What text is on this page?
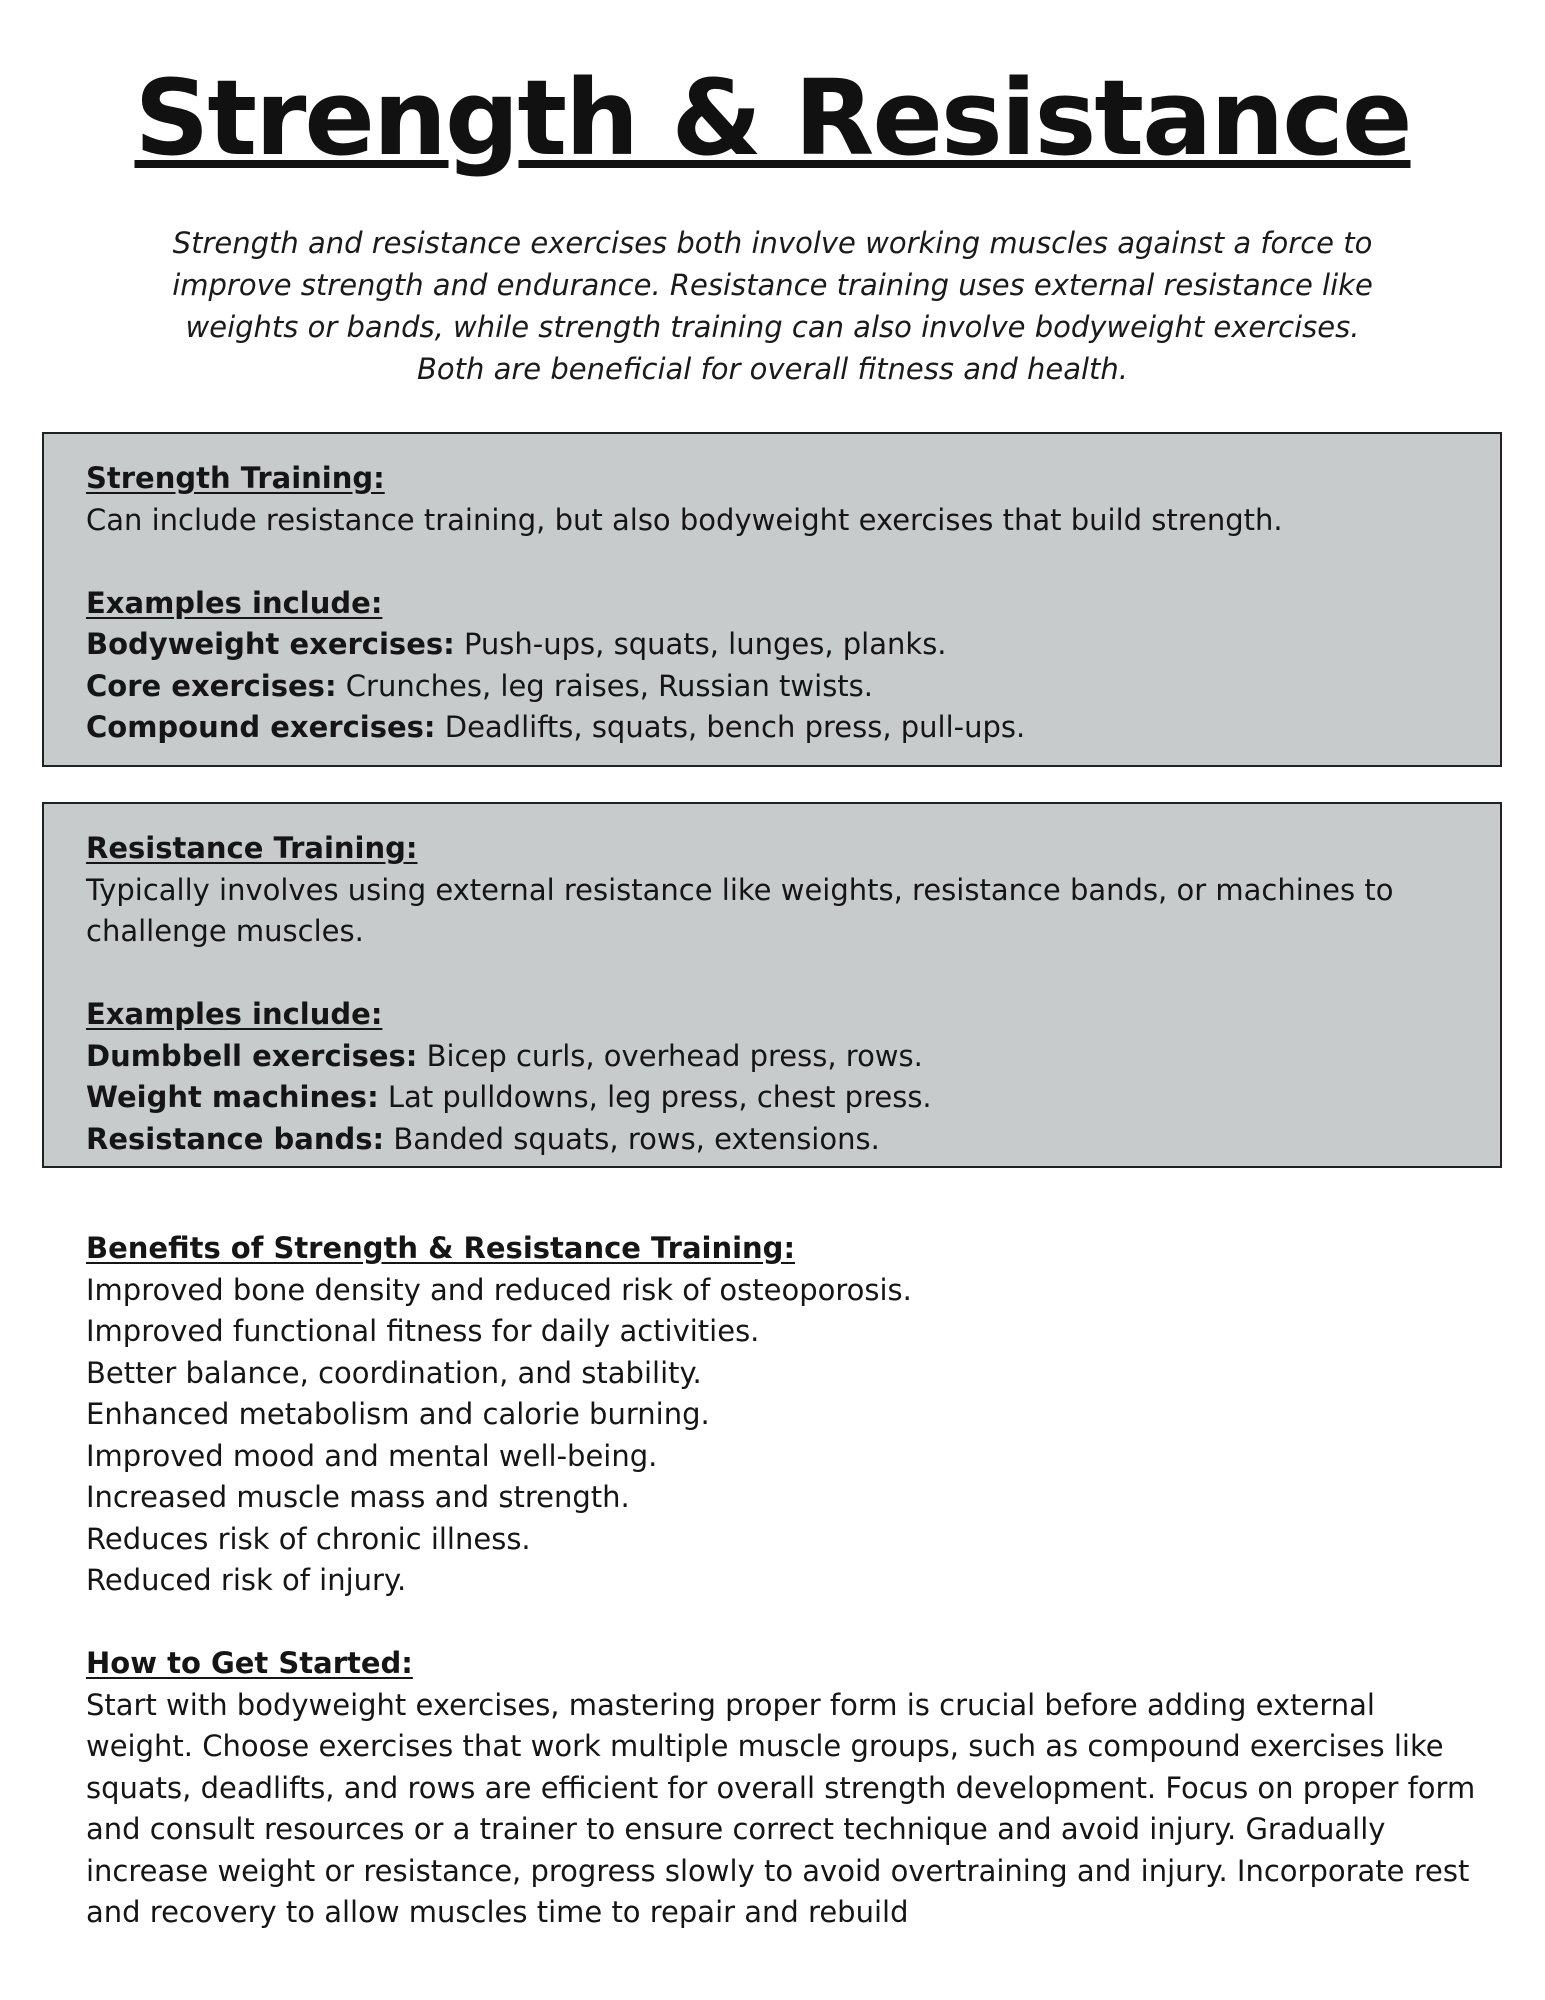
Strength & Resistance

Strength and resistance exercises both involve working muscles against a force to improve strength and endurance. Resistance training uses external resistance like weights or bands, while strength training can also involve bodyweight exercises. Both are beneficial for overall fitness and health.

Strength Training:
Can include resistance training, but also bodyweight exercises that build strength.
Examples include:
Bodyweight exercises: Push-ups, squats, lunges, planks.
Core exercises: Crunches, leg raises, Russian twists.
Compound exercises: Deadlifts, squats, bench press, pull-ups.
Resistance Training:
Typically involves using external resistance like weights, resistance bands, or machines to challenge muscles.
Examples include:
Dumbbell exercises: Bicep curls, overhead press, rows.
Weight machines: Lat pulldowns, leg press, chest press.
Resistance bands: Banded squats, rows, extensions.
Benefits of Strength & Resistance Training:
Improved bone density and reduced risk of osteoporosis.
Improved functional fitness for daily activities.
Better balance, coordination, and stability.
Enhanced metabolism and calorie burning.
Improved mood and mental well-being.
Increased muscle mass and strength.
Reduces risk of chronic illness.
Reduced risk of injury.
How to Get Started:
Start with bodyweight exercises, mastering proper form is crucial before adding external weight. Choose exercises that work multiple muscle groups, such as compound exercises like squats, deadlifts, and rows are efficient for overall strength development. Focus on proper form and consult resources or a trainer to ensure correct technique and avoid injury. Gradually increase weight or resistance, progress slowly to avoid overtraining and injury. Incorporate rest and recovery to allow muscles time to repair and rebuild
